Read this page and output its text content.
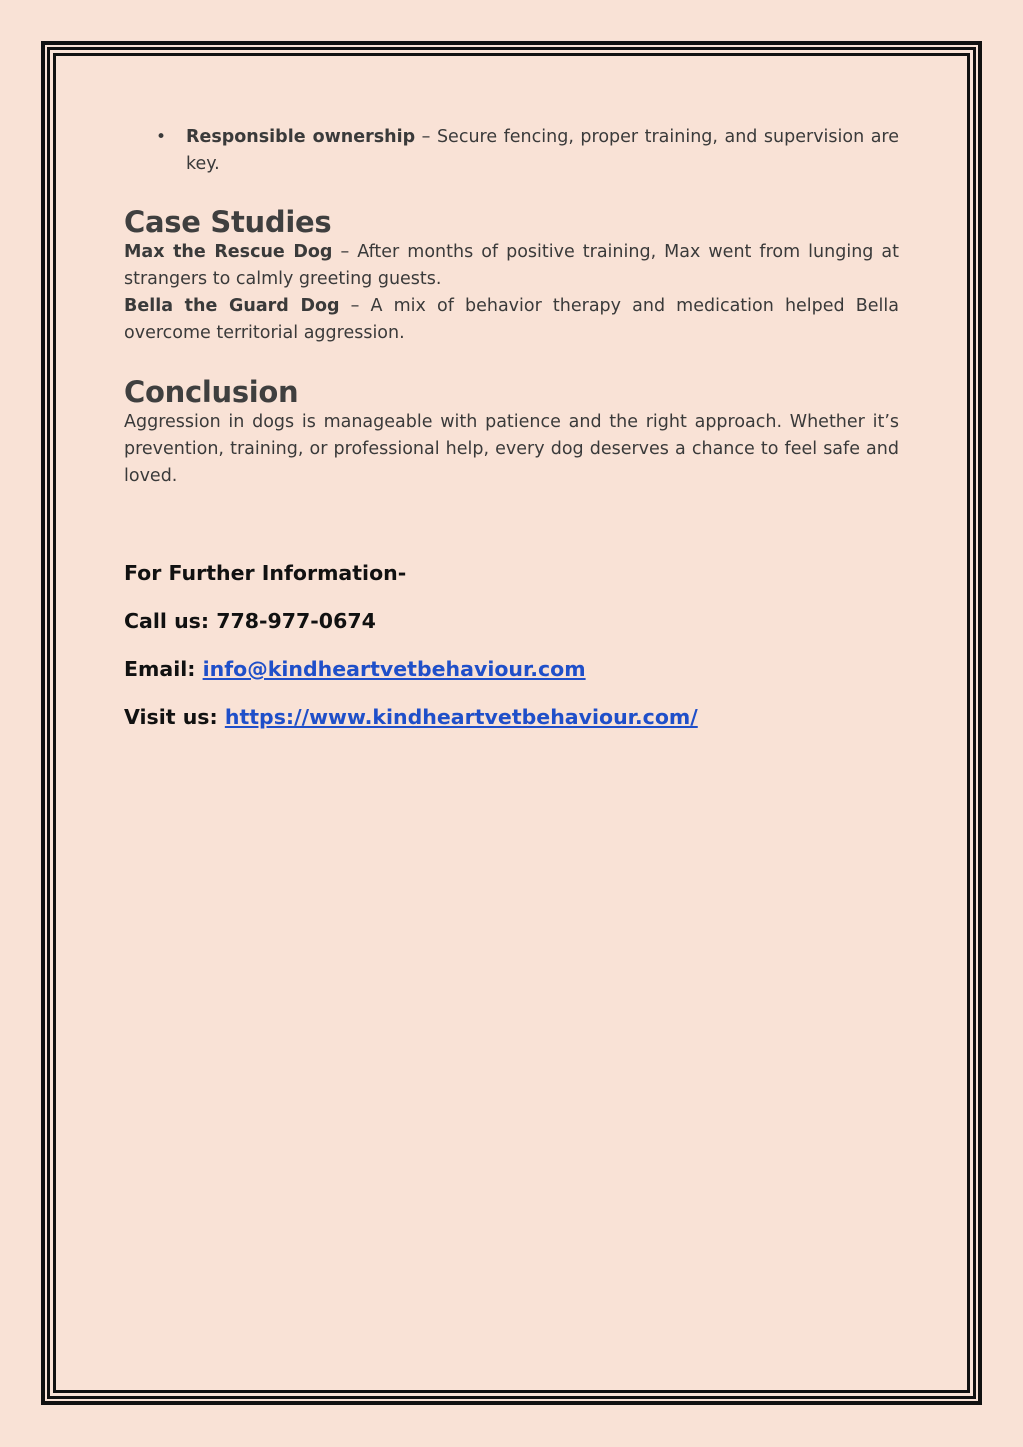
• Responsible ownership – Secure fencing, proper training, and supervision are key.
Case Studies

Max the Rescue Dog – After months of positive training, Max went from lunging at strangers to calmly greeting guests.

Bella the Guard Dog – A mix of behavior therapy and medication helped Bella overcome territorial aggression.

Conclusion

Aggression in dogs is manageable with patience and the right approach. Whether it’s prevention, training, or professional help, every dog deserves a chance to feel safe and loved.

For Further Information-

Call us: 778-977-0674

Email: info@kindheartvetbehaviour.com

Visit us: https://www.kindheartvetbehaviour.com/
